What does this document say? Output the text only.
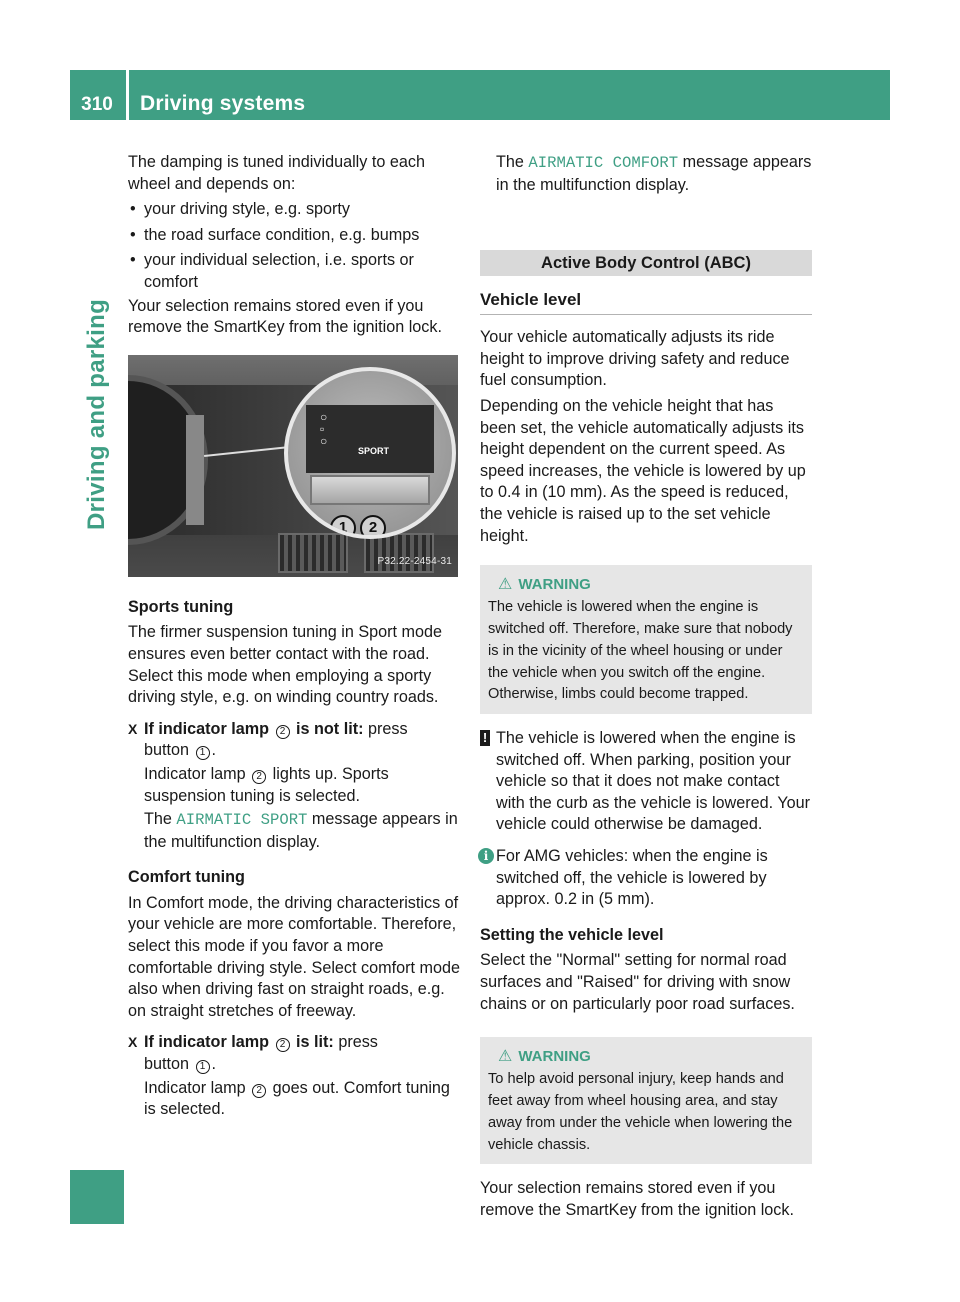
310	Driving systems
Driving and parking

The damping is tuned individually to each wheel and depends on:

• your driving style, e.g. sporty

• the road surface condition, e.g. bumps

• your individual selection, i.e. sports or comfort

Your selection remains stored even if you remove the SmartKey from the ignition lock.

○
▫
○
SPORT
1	2
P32.22-2454-31

Sports tuning

The firmer suspension tuning in Sport mode ensures even better contact with the road. Select this mode when employing a sporty driving style, e.g. on winding country roads.

X If indicator lamp 2 is not lit: press
button 1 .

Indicator lamp 2 lights up. Sports suspension tuning is selected.

The AIRMATIC SPORT message appears in the multifunction display.

Comfort tuning

In Comfort mode, the driving characteristics of your vehicle are more comfortable. Therefore, select this mode if you favor a more comfortable driving style. Select comfort mode also when driving fast on straight roads, e.g. on straight stretches of freeway.

X If indicator lamp 2 is lit: press
button 1 .

Indicator lamp 2 goes out. Comfort tuning is selected.

The AIRMATIC COMFORT message appears in the multifunction display.

Active Body Control (ABC)
Vehicle level

Your vehicle automatically adjusts its ride height to improve driving safety and reduce fuel consumption.

Depending on the vehicle height that has been set, the vehicle automatically adjusts its height dependent on the current speed. As speed increases, the vehicle is lowered by up to 0.4 in (10 mm). As the speed is reduced, the vehicle is raised up to the set vehicle height.

⚠ WARNING

The vehicle is lowered when the engine is switched off. Therefore, make sure that nobody is in the vicinity of the wheel housing or under the vehicle when you switch off the engine. Otherwise, limbs could become trapped.

! The vehicle is lowered when the engine is switched off. When parking, position your vehicle so that it does not make contact with the curb as the vehicle is lowered. Your vehicle could otherwise be damaged.

i For AMG vehicles: when the engine is switched off, the vehicle is lowered by approx. 0.2 in (5 mm).

Setting the vehicle level

Select the "Normal" setting for normal road surfaces and "Raised" for driving with snow chains or on particularly poor road surfaces.

⚠ WARNING

To help avoid personal injury, keep hands and feet away from wheel housing area, and stay away from under the vehicle when lowering the vehicle chassis.

Your selection remains stored even if you remove the SmartKey from the ignition lock.
